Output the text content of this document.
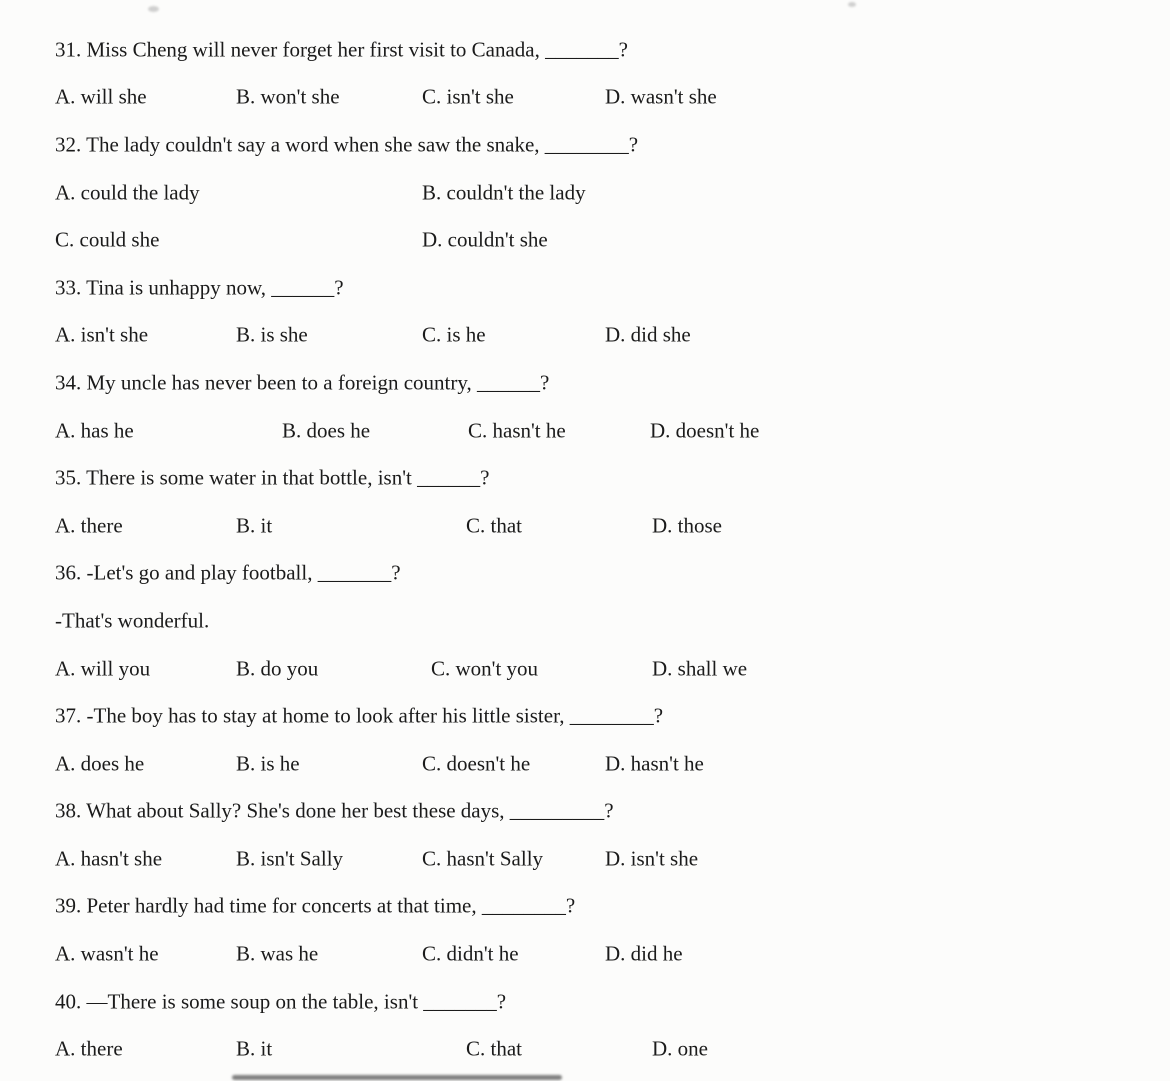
31. Miss Cheng will never forget her first visit to Canada, _______?
A. will she	B. won't she	C. isn't she	D. wasn't she
32. The lady couldn't say a word when she saw the snake, ________?
A. could the lady	B. couldn't the lady
C. could she	D. couldn't she
33. Tina is unhappy now, ______?
A. isn't she	B. is she	C. is he	D. did she
34. My uncle has never been to a foreign country, ______?
A. has he	B. does he	C. hasn't he	D. doesn't he
35. There is some water in that bottle, isn't ______?
A. there	B. it	C. that	D. those
36. -Let's go and play football, _______?
-That's wonderful.
A. will you	B. do you	C. won't you	D. shall we
37. -The boy has to stay at home to look after his little sister, ________?
A. does he	B. is he	C. doesn't he	D. hasn't he
38. What about Sally? She's done her best these days, _________?
A. hasn't she	B. isn't Sally	C. hasn't Sally	D. isn't she
39. Peter hardly had time for concerts at that time, ________?
A. wasn't he	B. was he	C. didn't he	D. did he
40. —There is some soup on the table, isn't _______?
A. there	B. it	C. that	D. one
